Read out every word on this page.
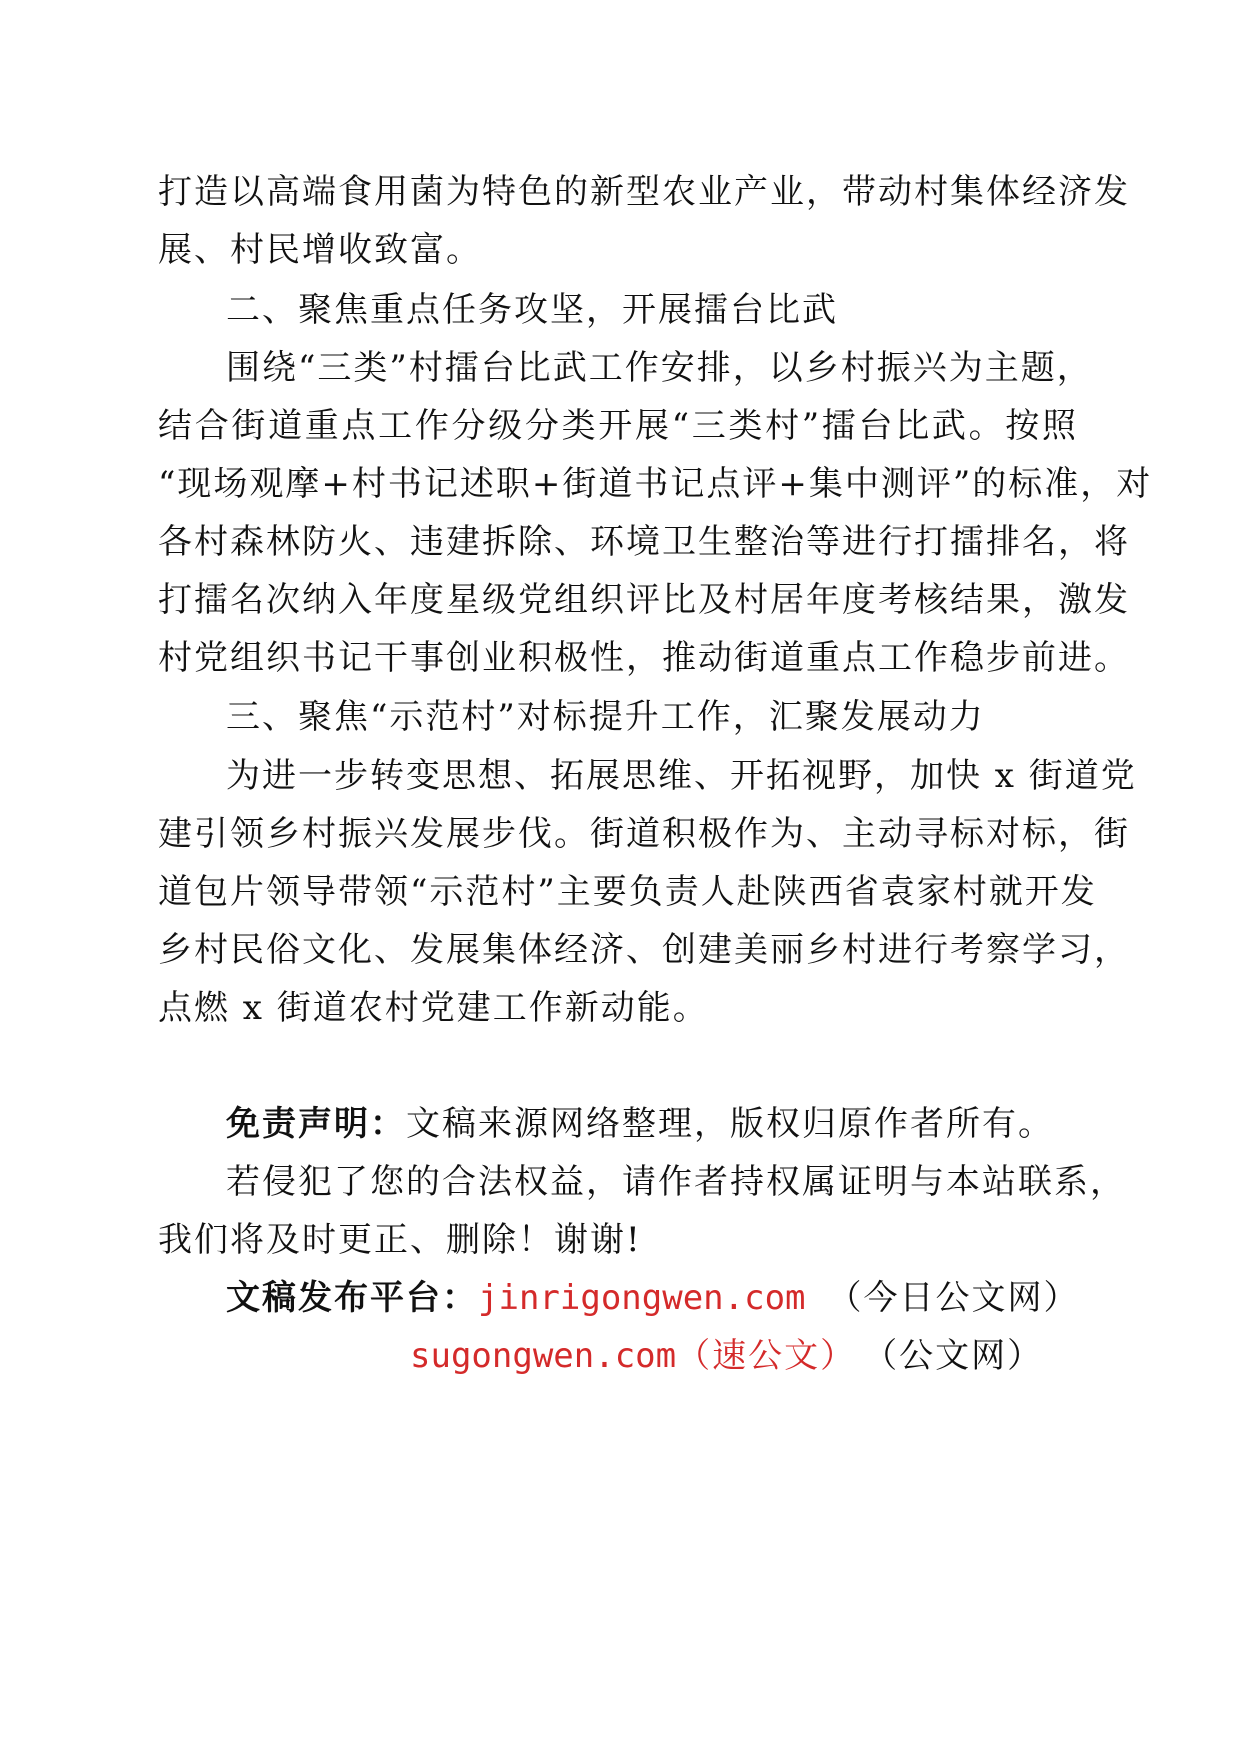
打造以高端食用菌为特色的新型农业产业，带动村集体经济发
展、村民增收致富。
二、聚焦重点任务攻坚，开展擂台比武
围绕“三类”村擂台比武工作安排，以乡村振兴为主题，
结合街道重点工作分级分类开展“三类村”擂台比武。按照
“现场观摩+村书记述职+街道书记点评+集中测评”的标准，对
各村森林防火、违建拆除、环境卫生整治等进行打擂排名，将
打擂名次纳入年度星级党组织评比及村居年度考核结果，激发
村党组织书记干事创业积极性，推动街道重点工作稳步前进。
三、聚焦“示范村”对标提升工作，汇聚发展动力
为进一步转变思想、拓展思维、开拓视野，加快 x 街道党
建引领乡村振兴发展步伐。街道积极作为、主动寻标对标，街
道包片领导带领“示范村”主要负责人赴陕西省袁家村就开发
乡村民俗文化、发展集体经济、创建美丽乡村进行考察学习，
点燃 x 街道农村党建工作新动能。
免责声明：文稿来源网络整理，版权归原作者所有。
若侵犯了您的合法权益，请作者持权属证明与本站联系，
我们将及时更正、删除！谢谢!
文稿发布平台：jinrigongwen.com （今日公文网）
sugongwen.com（速公文） （公文网）
